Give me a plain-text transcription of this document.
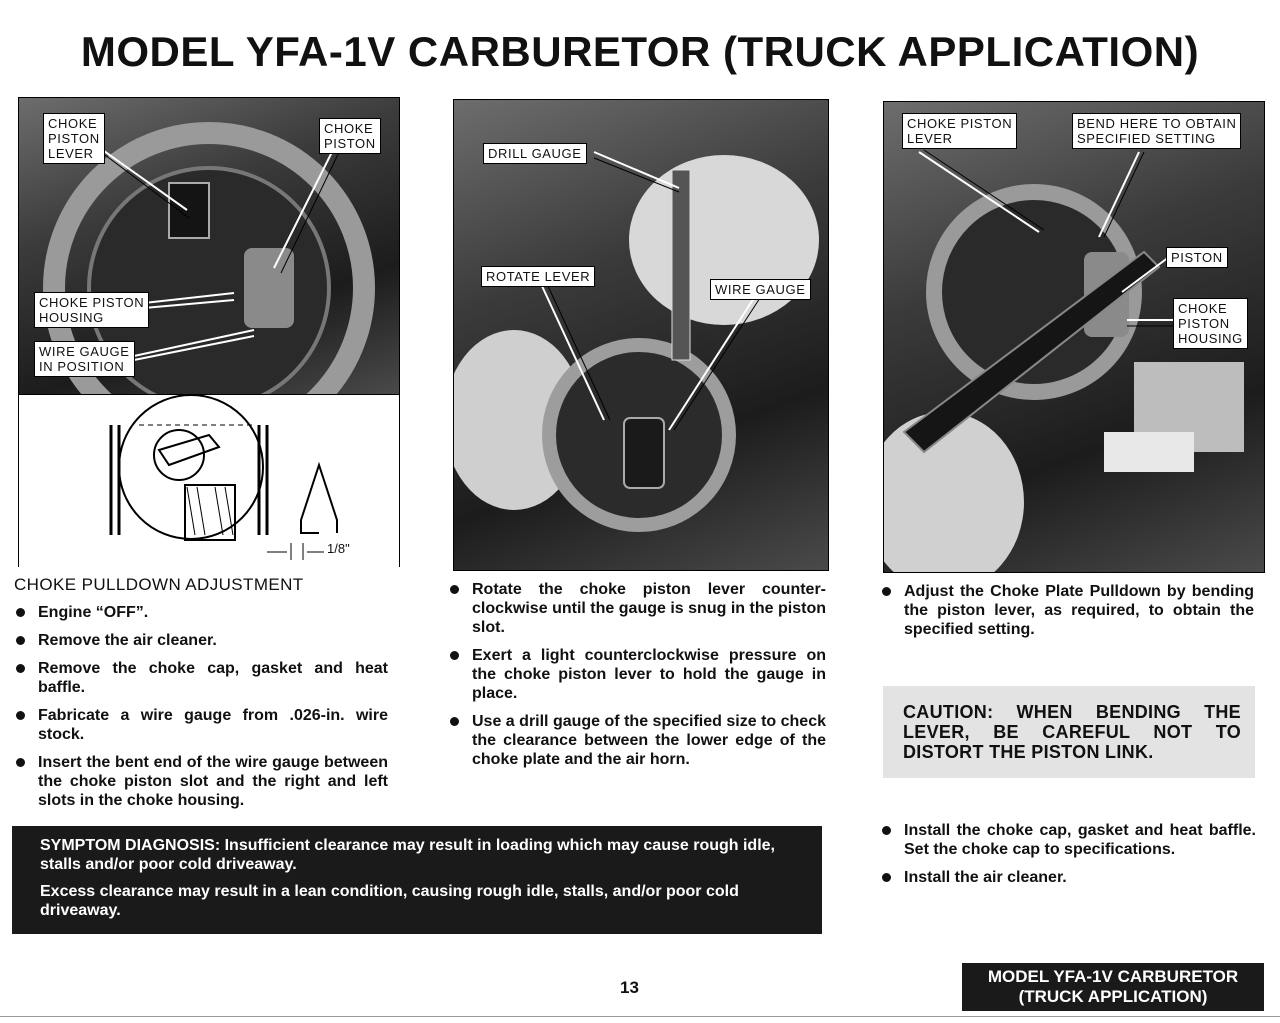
MODEL YFA-1V CARBURETOR (TRUCK APPLICATION)
CHOKE
PISTON
LEVER
CHOKE
PISTON
CHOKE PISTON
HOUSING
WIRE GAUGE
IN POSITION
1/8"
DRILL GAUGE
ROTATE LEVER
WIRE GAUGE
CHOKE PISTON
LEVER
BEND HERE TO OBTAIN
SPECIFIED SETTING
PISTON
CHOKE
PISTON
HOUSING
CHOKE PULLDOWN ADJUSTMENT
Engine “OFF”.
Remove the air cleaner.
Remove the choke cap, gasket and heat baffle.
Fabricate a wire gauge from .026-in. wire stock.
Insert the bent end of the wire gauge between the choke piston slot and the right and left slots in the choke housing.
Rotate the choke piston lever counter-clockwise until the gauge is snug in the piston slot.
Exert a light counterclockwise pressure on the choke piston lever to hold the gauge in place.
Use a drill gauge of the specified size to check the clearance between the lower edge of the choke plate and the air horn.
Adjust the Choke Plate Pulldown by bending the piston lever, as required, to obtain the specified setting.
CAUTION: WHEN BENDING THE LEVER, BE CAREFUL NOT TO DISTORT THE PISTON LINK.
Install the choke cap, gasket and heat baffle. Set the choke cap to specifications.
Install the air cleaner.

SYMPTOM DIAGNOSIS: Insufficient clearance may result in loading which may cause rough idle, stalls and/or poor cold driveaway.

Excess clearance may result in a lean condition, causing rough idle, stalls, and/or poor cold driveaway.

13
MODEL YFA-1V CARBURETOR
(TRUCK APPLICATION)
